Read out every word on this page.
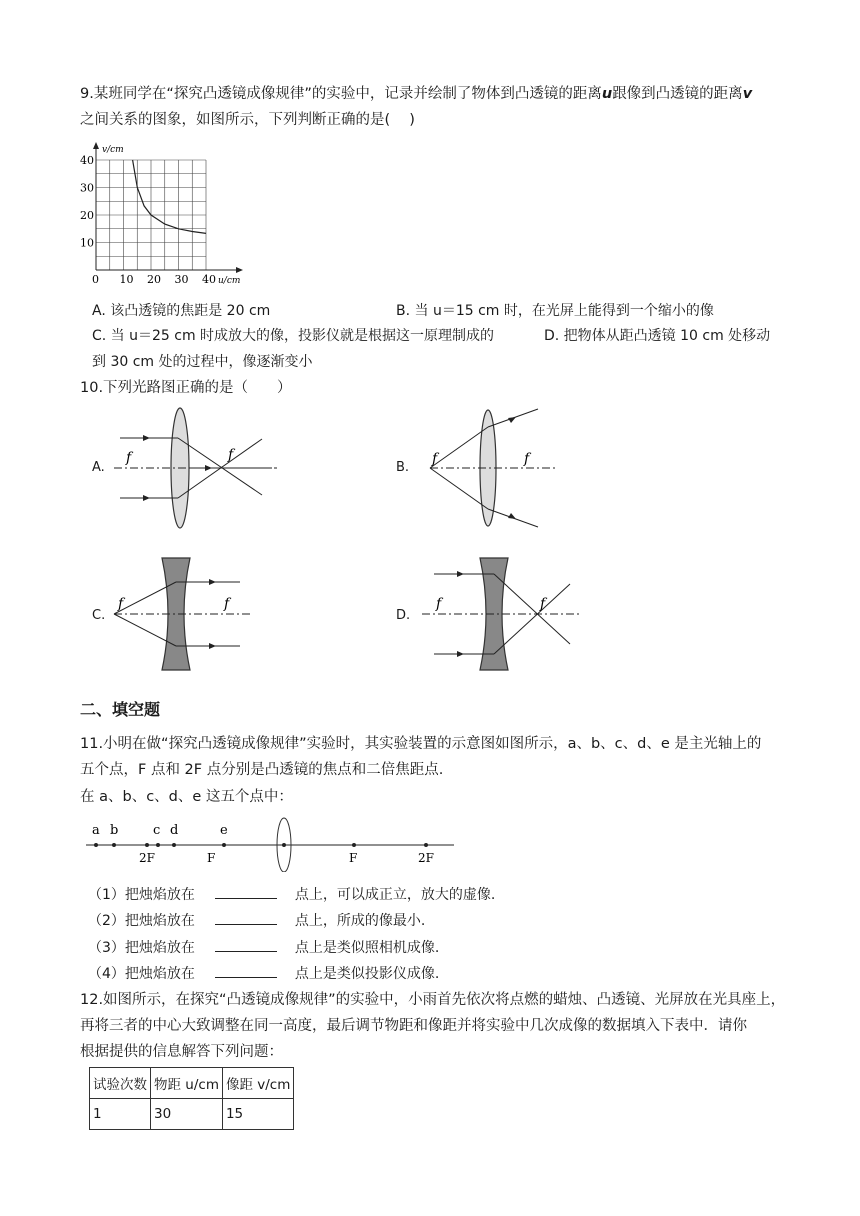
9.某班同学在“探究凸透镜成像规律”的实验中，记录并绘制了物体到凸透镜的距离u跟像到凸透镜的距离v
之间关系的图象，如图所示，下列判断正确的是(　 )
v/cm
u/cm
0 10 20 30 40
10
20
30
40
A. 该凸透镜的焦距是 20 cm	B. 当 u＝15 cm 时，在光屏上能得到一个缩小的像
C. 当 u＝25 cm 时成放大的像，投影仪就是根据这一原理制成的	D. 把物体从距凸透镜 10 cm 处移动
到 30 cm 处的过程中，像逐渐变小
10.下列光路图正确的是（　　）
A.	B.
C.	D.
f	f	f	f
f	f	f	f
二、填空题
11.小明在做“探究凸透镜成像规律”实验时，其实验装置的示意图如图所示，a、b、c、d、e 是主光轴上的
五个点，F 点和 2F 点分别是凸透镜的焦点和二倍焦距点.
在 a、b、c、d、e 这五个点中：
a b	c d	e
2F	F	F	2F
（1）把烛焰放在	点上，可以成正立，放大的虚像.
（2）把烛焰放在	点上，所成的像最小.
（3）把烛焰放在	点上是类似照相机成像.
（4）把烛焰放在	点上是类似投影仪成像.
12.如图所示，在探究“凸透镜成像规律”的实验中，小雨首先依次将点燃的蜡烛、凸透镜、光屏放在光具座上，
再将三者的中心大致调整在同一高度，最后调节物距和像距并将实验中几次成像的数据填入下表中．请你
根据提供的信息解答下列问题：
试验次数	物距 u/cm	像距 v/cm
1	30	15
